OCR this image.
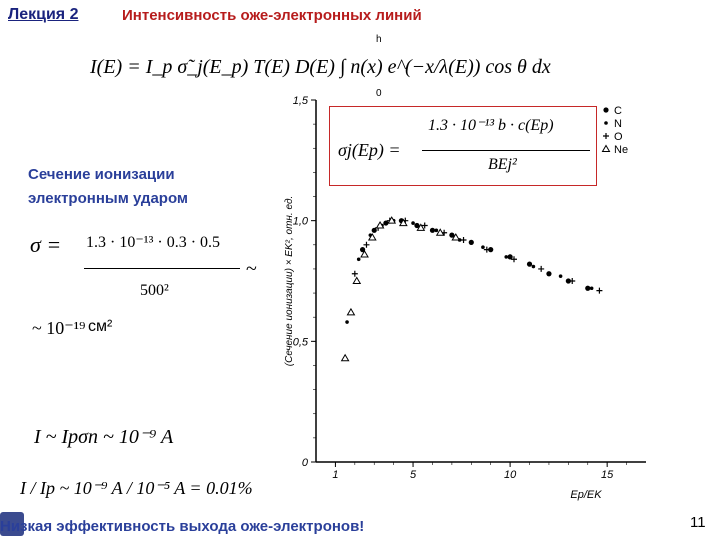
Лекция 2	Интенсивность оже-электронных линий
I(E) = I_p σ̃_j(E_p) T(E) D(E) ∫ n(x) e^(−x/λ(E)) cos θ dx
h
0
Сечение ионизации
электронным ударом
σ = 1.3 · 10⁻¹³ · 0.3 · 0.5
500²
~
~ 10⁻¹⁹ см²
I ~ Ipσn ~ 10⁻⁹ A
I / Ip ~ 10⁻⁹ A / 10⁻⁵ A = 0.01%
σj(Ep) =
1.3 · 10⁻¹³ b · c(Ep)
BEj²
0
0,5
1,0
1,5
1	5	10	15
Ep/EK
(Сечение ионизации) × EK², отн. ед.
C
N
O
Ne
Низкая эффективность выхода оже-электронов!	11
